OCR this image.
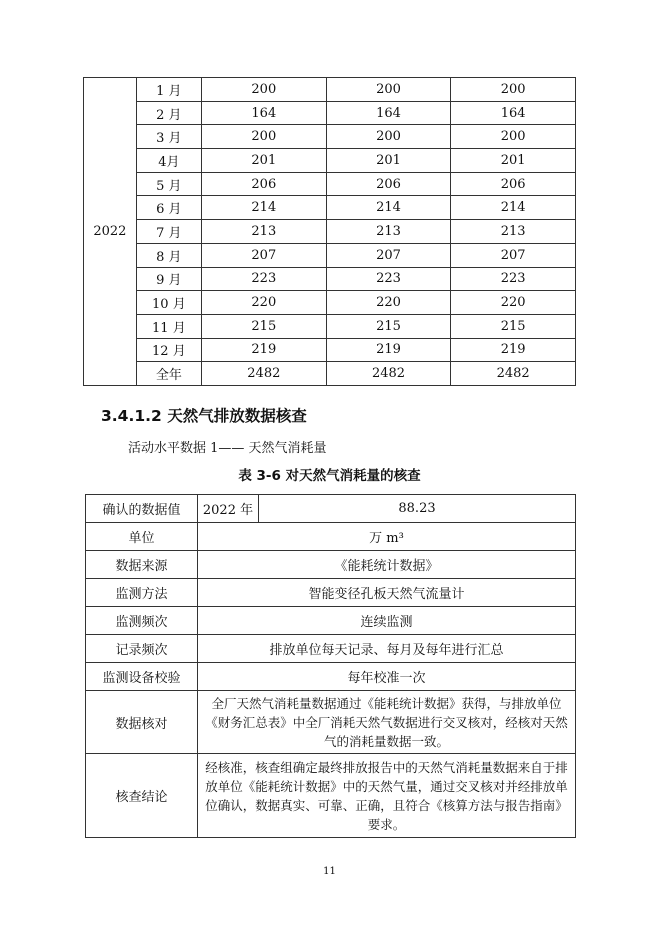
2022	1 月	200	200	200
	2 月	164	164	164
	3 月	200	200	200
	4月	201	201	201
	5 月	206	206	206
	6 月	214	214	214
	7 月	213	213	213
	8 月	207	207	207
	9 月	223	223	223
	10 月	220	220	220
	11 月	215	215	215
	12 月	219	219	219
	全年	2482	2482	2482
3.4.1.2 天然气排放数据核查
活动水平数据 1—— 天然气消耗量
表 3-6 对天然气消耗量的核查
确认的数据值	2022 年	88.23
单位	万 m³	
数据来源	《能耗统计数据》	
监测方法	智能变径孔板天然气流量计	
监测频次	连续监测	
记录频次	排放单位每天记录、每月及每年进行汇总	
监测设备校验	每年校准一次	
数据核对	全厂天然气消耗量数据通过《能耗统计数据》获得，与排放单位《财务汇总表》中全厂消耗天然气数据进行交叉核对，经核对天然气的消耗量数据一致。	
核查结论	经核准，核查组确定最终排放报告中的天然气消耗量数据来自于排放单位《能耗统计数据》中的天然气量，通过交叉核对并经排放单位确认，数据真实、可靠、正确，且符合《核算方法与报告指南》要求。	
11
